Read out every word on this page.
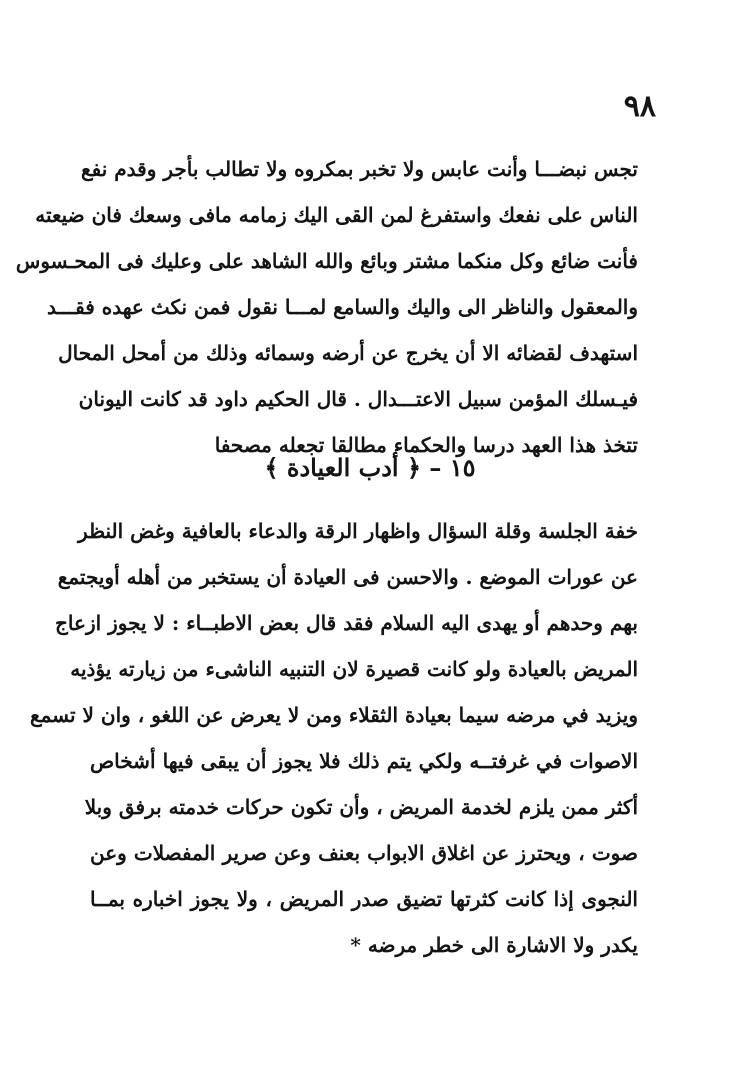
٩٨
تجس نبضـــا وأنت عابس ولا تخبر بمكروه ولا تطالب بأجر وقدم نفع
الناس على نفعك واستفرغ لمن القى اليك زمامه مافى وسعك فان ضيعته
فأنت ضائع وكل منكما مشتر وبائع والله الشاهد على وعليك فى المحـسوس
والمعقول والناظر الى واليك والسامع لمـــا نقول فمن نكث عهده فقـــد
استهدف لقضائه الا أن يخرج عن أرضه وسمائه وذلك من أمحل المحال
فيـسلك المؤمن سبيل الاعتـــدال . قال الحكيم داود قد كانت اليونان
تتخذ هذا العهد درسا والحكماء مطالقا تجعله مصحفا
١٥ – ﴿ أدب العيادة ﴾
خفة الجلسة وقلة السؤال واظهار الرقة والدعاء بالعافية وغض النظر
عن عورات الموضع . والاحسن فى العيادة أن يستخبر من أهله أويجتمع
بهم وحدهم أو يهدى اليه السلام فقد قال بعض الاطبــاء : لا يجوز ازعاج
المريض بالعيادة ولو كانت قصيرة لان التنبيه الناشىء من زيارته يؤذيه
ويزيد في مرضه سيما بعيادة الثقلاء ومن لا يعرض عن اللغو ، وان لا تسمع
الاصوات في غرفتــه ولكي يتم ذلك فلا يجوز أن يبقى فيها أشخاص
أكثر ممن يلزم لخدمة المريض ، وأن تكون حركات خدمته برفق وبلا
صوت ، ويحترز عن اغلاق الابواب بعنف وعن صرير المفصلات وعن
النجوى إذا كانت كثرتها تضيق صدر المريض ، ولا يجوز اخباره بمــا
يكدر ولا الاشارة الى خطر مرضه *
